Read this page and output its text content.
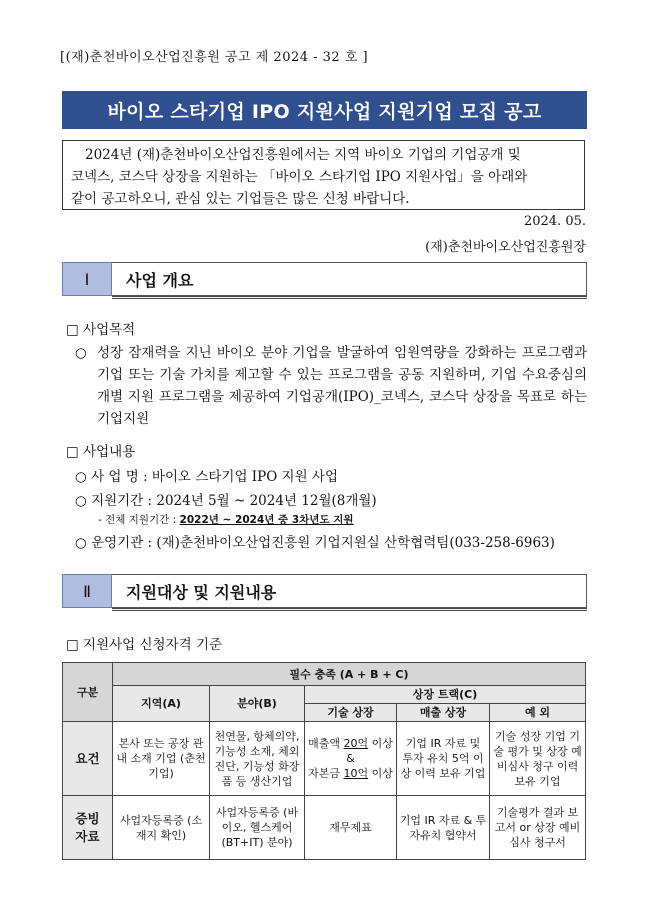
[(재)춘천바이오산업진흥원 공고 제 2024 - 32 호 ]
바이오 스타기업 IPO 지원사업 지원기업 모집 공고
2024년 (재)춘천바이오산업진흥원에서는 지역 바이오 기업의 기업공개 및
코넥스, 코스닥 상장을 지원하는 「바이오 스타기업 IPO 지원사업」을 아래와
같이 공고하오니, 관심 있는 기업들은 많은 신청 바랍니다.
2024. 05.
(재)춘천바이오산업진흥원장
Ⅰ	사업 개요
□ 사업목적
○ 성장 잠재력을 지닌 바이오 분야 기업을 발굴하여 임원역량을 강화하는 프로그램과 기업 또는 기술 가치를 제고할 수 있는 프로그램을 공동 지원하며, 기업 수요중심의 개별 지원 프로그램을 제공하여 기업공개(IPO)_코넥스, 코스닥 상장을 목표로 하는 기업지원
□ 사업내용
○ 사 업 명 : 바이오 스타기업 IPO 지원 사업
○ 지원기간 : 2024년 5월 ~ 2024년 12월(8개월)
- 전체 지원기간 : 2022년 ~ 2024년 중 3차년도 지원
○ 운영기관 : (재)춘천바이오산업진흥원 기업지원실 산학협력팀(033-258-6963)
Ⅱ	지원대상 및 지원내용
□ 지원사업 신청자격 기준
구분	필수 충족 (A + B + C)				
	지역(A)	분야(B)	상장 트랙(C)		
			기술 상장	매출 상장	예 외
요건	본사 또는 공장 관내 소재 기업 (춘천 기업)	천연물, 항체의약, 기능성 소재, 체외진단, 기능성 화장품 등 생산기업	매출액 20억 이상
&
자본금 10억 이상	기업 IR 자료 및 투자 유치 5억 이상 이력 보유 기업	기술 성장 기업 기술 평가 및 상장 예비심사 청구 이력 보유 기업
증빙
자료	사업자등록증 (소재지 확인)	사업자등록증 (바이오, 헬스케어(BT+IT) 분야)	재무제표	기업 IR 자료 & 투자유치 협약서	기술평가 결과 보고서 or 상장 예비심사 청구서
